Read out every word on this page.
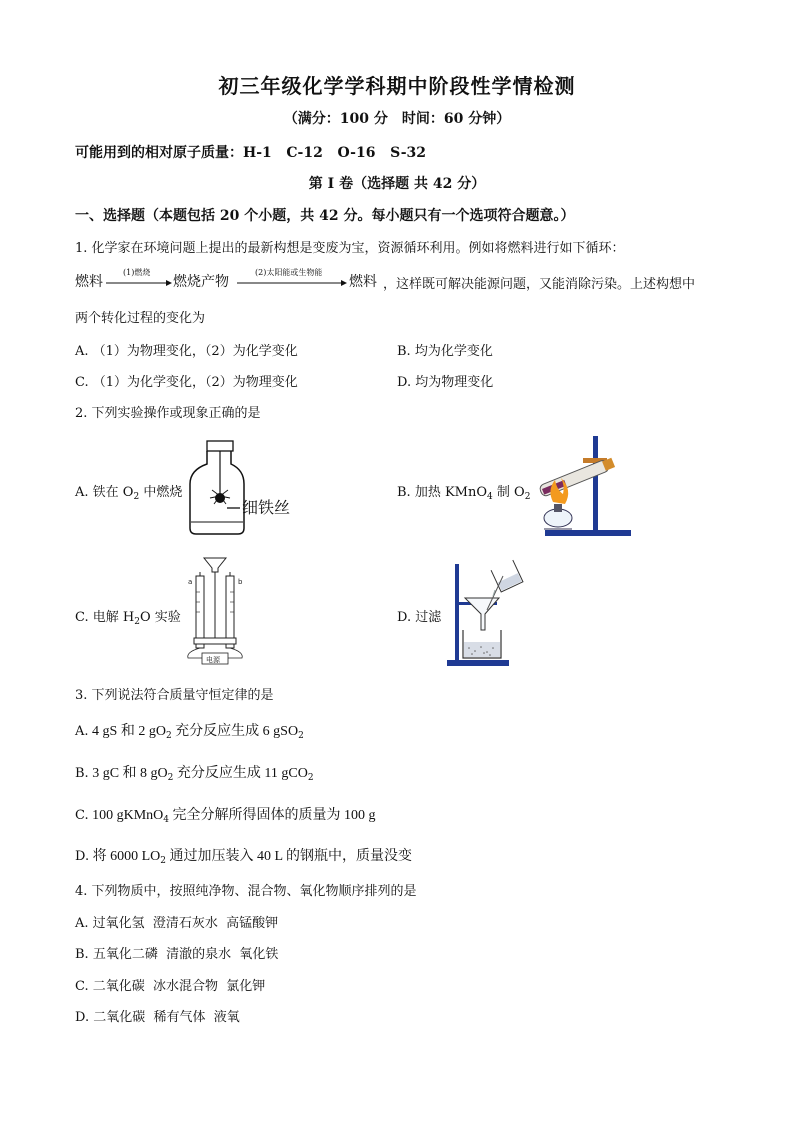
初三年级化学学科期中阶段性学情检测
（满分：100 分　时间：60 分钟）
可能用到的相对原子质量：H-1 C-12 O-16 S-32
第 I 卷（选择题 共 42 分）
一、选择题（本题包括 20 个小题，共 42 分。每小题只有一个选项符合题意。）
1. 化学家在环境问题上提出的最新构想是变废为宝，资源循环利用。例如将燃料进行如下循环：
燃料
(1)燃烧
燃烧产物
(2)太阳能或生物能
燃料 ，这样既可解决能源问题，又能消除污染。上述构想中
两个转化过程的变化为
A. （1）为物理变化，（2）为化学变化	B. 均为化学变化
C. （1）为化学变化，（2）为物理变化	D. 均为物理变化
2. 下列实验操作或现象正确的是
A. 铁在 $O_2$ 中燃烧
细铁丝
B. 加热 KMnO$_4$ 制 $O_2$
C. 电解 $H_2O$ 实验
a	b
电源
D. 过滤
3. 下列说法符合质量守恒定律的是
A. 4 gS 和 2 $gO_2$ 充分反应生成 6 gSO$_2$
B. 3 gC 和 8 $gO_2$ 充分反应生成 11 gCO$_2$
C. 100 gKMnO$_4$ 完全分解所得固体的质量为 100 g
D. 将 6000 $LO_2$ 通过加压装入 40 L 的钢瓶中，质量没变
4. 下列物质中，按照纯净物、混合物、氧化物顺序排列的是
A. 过氧化氢  澄清石灰水  高锰酸钾
B. 五氧化二磷  清澈的泉水  氧化铁
C. 二氧化碳  冰水混合物  氯化钾
D. 二氧化碳  稀有气体  液氧
